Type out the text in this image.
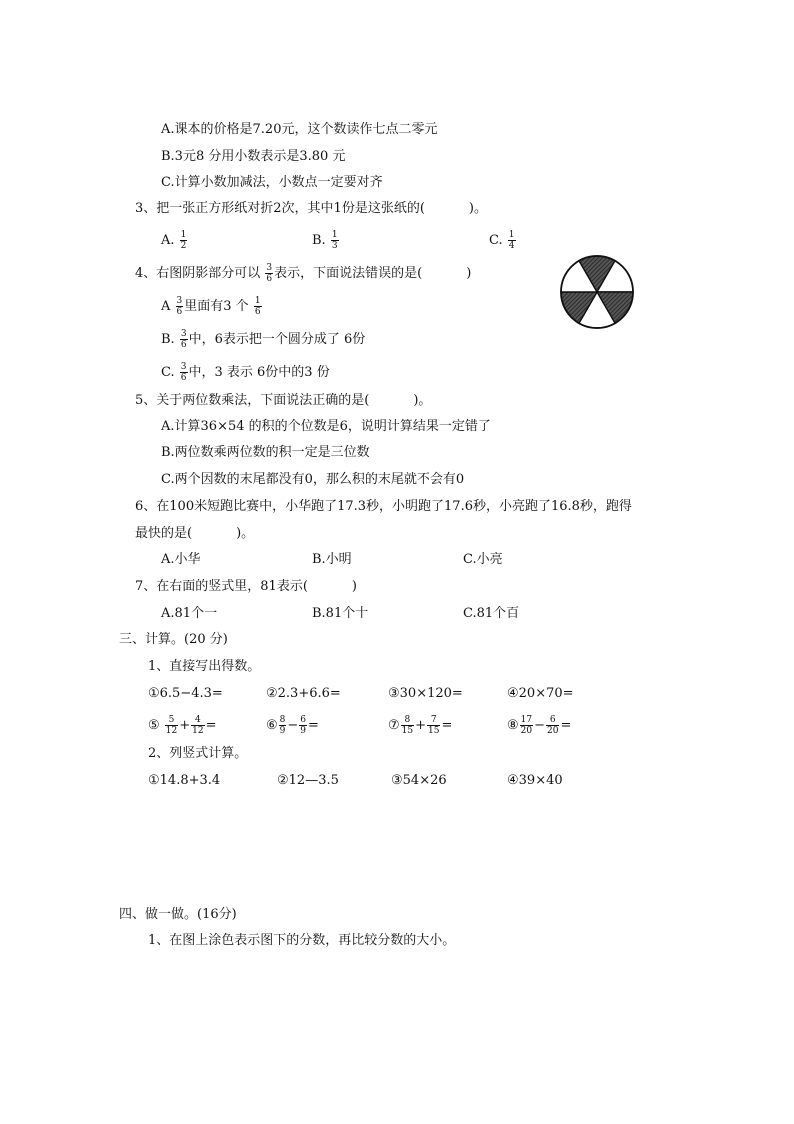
A.课本的价格是7.20元，这个数读作七点二零元
B.3元8 分用小数表示是3.80 元
C.计算小数加减法，小数点一定要对齐
3、把一张正方形纸对折2次，其中1份是这张纸的(	)。
A. $\frac{1}{2}$	B. $\frac{1}{3}$	C. $\frac{1}{4}$
4、右图阴影部分可以 $\frac{3}{6}$ 表示，下面说法错误的是(	)
A $\frac{3}{6}$ 里面有3 个 $\frac{1}{6}$
B. $\frac{3}{6}$ 中，6表示把一个圆分成了 6份
C. $\frac{3}{6}$ 中，3 表示 6份中的3 份
5、关于两位数乘法，下面说法正确的是(	)。
A.计算36×54 的积的个位数是6，说明计算结果一定错了
B.两位数乘两位数的积一定是三位数
C.两个因数的末尾都没有0，那么积的末尾就不会有0
6、在100米短跑比赛中，小华跑了17.3秒，小明跑了17.6秒，小亮跑了16.8秒，跑得
最快的是(	)。
A.小华	B.小明	C.小亮
7、在右面的竖式里，81表示(	)
A.81个一	B.81个十	C.81个百
三、计算。(20 分)
1、直接写出得数。
①6.5−4.3=	②2.3+6.6=	③30×120=	④20×70=
⑤ $\frac{5}{12} + \frac{4}{12}$ =	⑥ $\frac{8}{9} - \frac{6}{9}$ =	⑦ $\frac{8}{15} + \frac{7}{15}$ =	⑧ $\frac{17}{20} - \frac{6}{20}$ =
2、列竖式计算。
①14.8+3.4	②12—3.5	③54×26	④39×40
四、做一做。(16分)
1、在图上涂色表示图下的分数，再比较分数的大小。
